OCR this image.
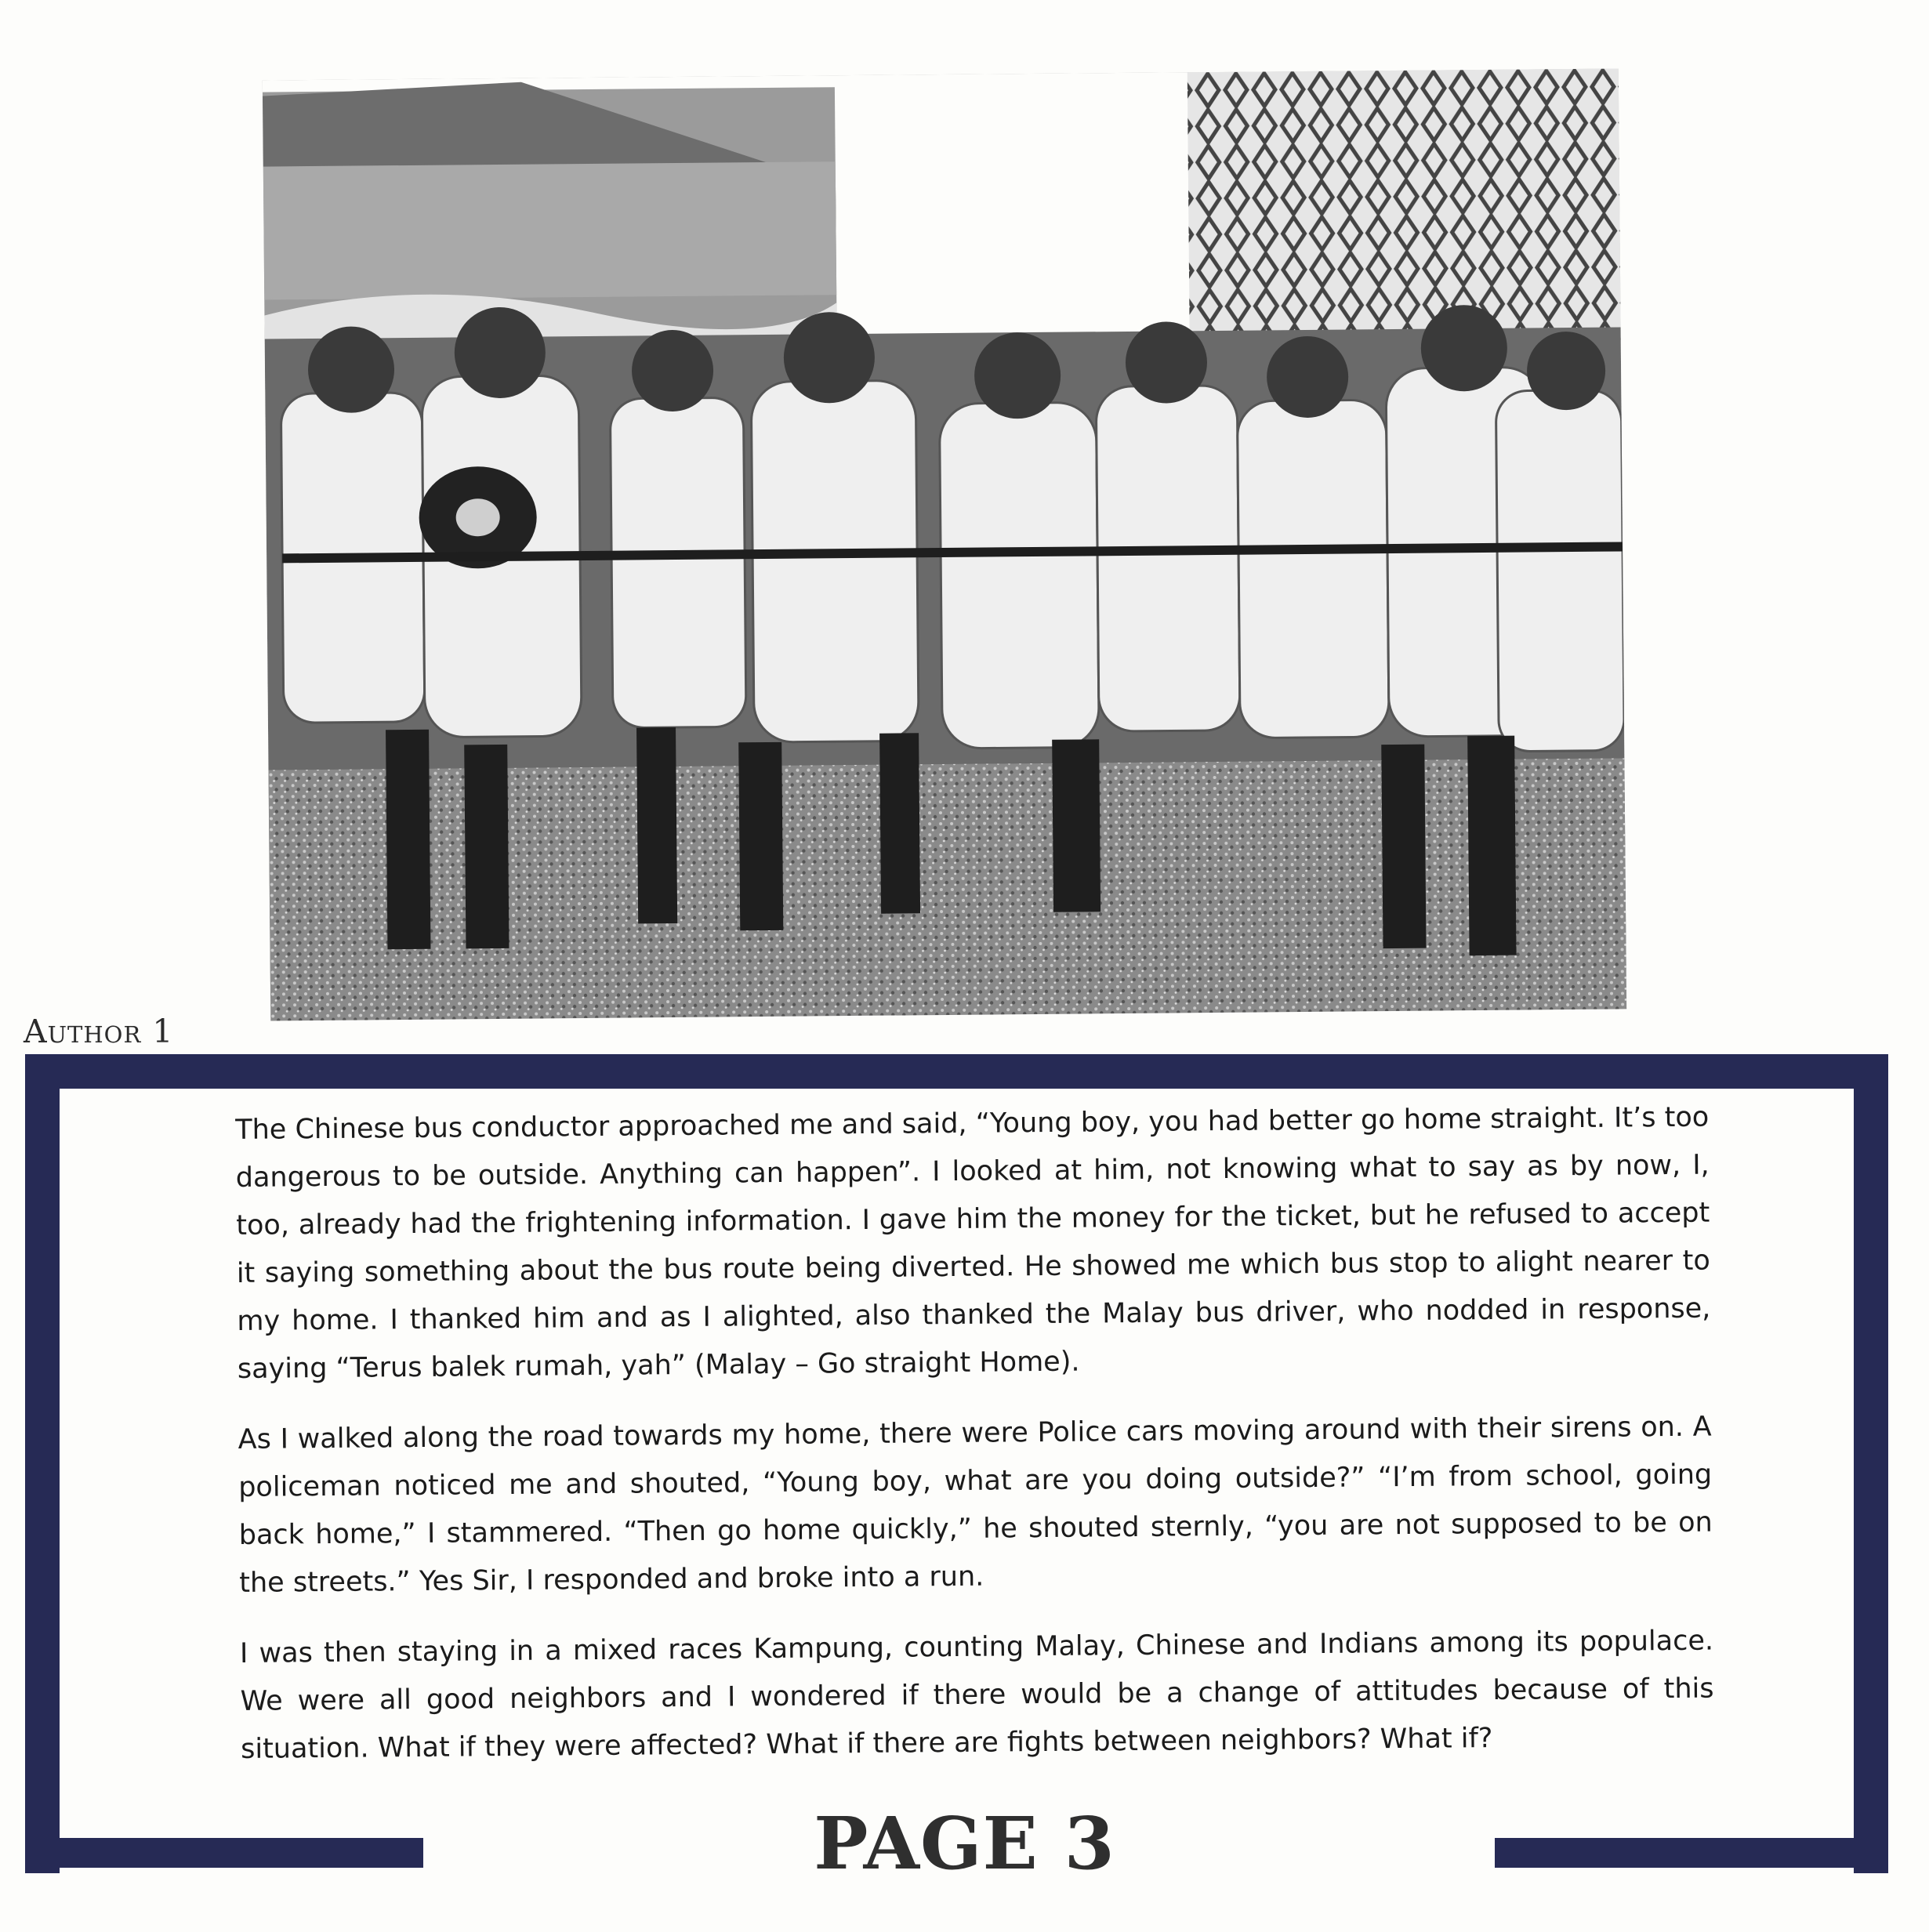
Author 1

The Chinese bus conductor approached me and said, “Young boy, you had better go home straight. It’s too dangerous to be outside. Anything can happen”. I looked at him, not knowing what to say as by now, I, too, already had the frightening information. I gave him the money for the ticket, but he refused to accept it saying something about the bus route being diverted. He showed me which bus stop to alight nearer to my home. I thanked him and as I alighted, also thanked the Malay bus driver, who nodded in response, saying “Terus balek rumah, yah” (Malay – Go straight Home).

As I walked along the road towards my home, there were Police cars moving around with their sirens on. A policeman noticed me and shouted, “Young boy, what are you doing outside?” “I’m from school, going back home,” I stammered. “Then go home quickly,” he shouted sternly, “you are not supposed to be on the streets.” Yes Sir, I responded and broke into a run.

I was then staying in a mixed races Kampung, counting Malay, Chinese and Indians among its populace. We were all good neighbors and I wondered if there would be a change of attitudes because of this situation. What if they were affected? What if there are fights between neighbors? What if?

PAGE 3
